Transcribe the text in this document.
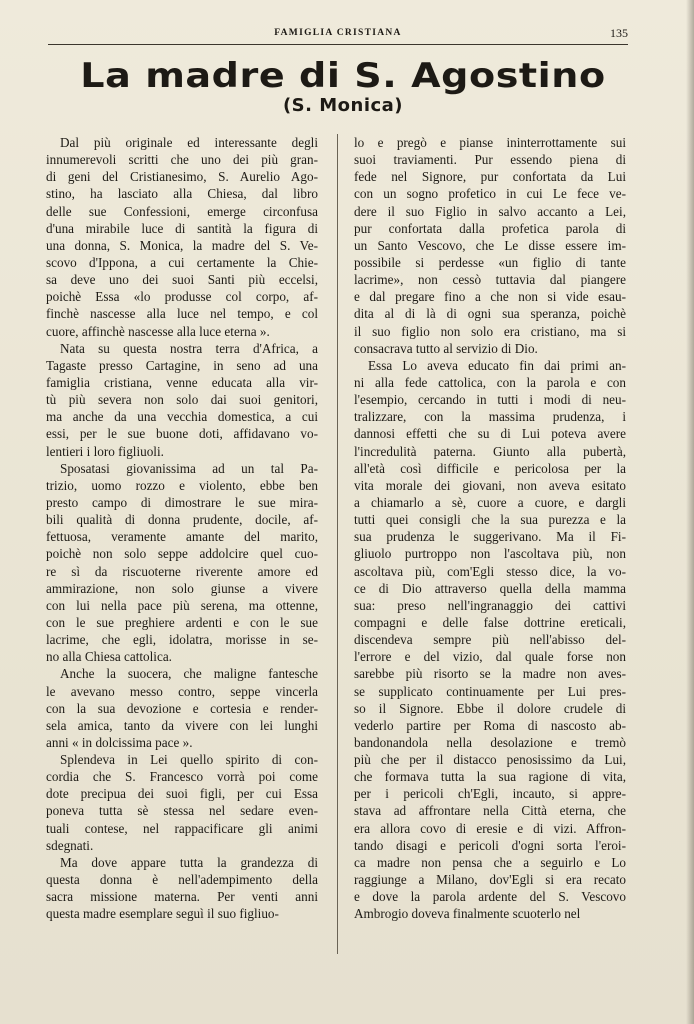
FAMIGLIA CRISTIANA	135
La madre di S. Agostino
(S. Monica)
Dal più originale ed interessante degli
innumerevoli scritti che uno dei più gran-
di geni del Cristianesimo, S. Aurelio Ago-
stino, ha lasciato alla Chiesa, dal libro
delle sue Confessioni, emerge circonfusa
d'una mirabile luce di santità la figura di
una donna, S. Monica, la madre del S. Ve-
scovo d'Ippona, a cui certamente la Chie-
sa deve uno dei suoi Santi più eccelsi,
poichè Essa «lo produsse col corpo, af-
finchè nascesse alla luce nel tempo, e col
cuore, affinchè nascesse alla luce eterna ».
Nata su questa nostra terra d'Africa, a
Tagaste presso Cartagine, in seno ad una
famiglia cristiana, venne educata alla vir-
tù più severa non solo dai suoi genitori,
ma anche da una vecchia domestica, a cui
essi, per le sue buone doti, affidavano vo-
lentieri i loro figliuoli.
Sposatasi giovanissima ad un tal Pa-
trizio, uomo rozzo e violento, ebbe ben
presto campo di dimostrare le sue mira-
bili qualità di donna prudente, docile, af-
fettuosa, veramente amante del marito,
poichè non solo seppe addolcire quel cuo-
re sì da riscuoterne riverente amore ed
ammirazione, non solo giunse a vivere
con lui nella pace più serena, ma ottenne,
con le sue preghiere ardenti e con le sue
lacrime, che egli, idolatra, morisse in se-
no alla Chiesa cattolica.
Anche la suocera, che maligne fantesche
le avevano messo contro, seppe vincerla
con la sua devozione e cortesia e render-
sela amica, tanto da vivere con lei lunghi
anni « in dolcissima pace ».
Splendeva in Lei quello spirito di con-
cordia che S. Francesco vorrà poi come
dote precipua dei suoi figli, per cui Essa
poneva tutta sè stessa nel sedare even-
tuali contese, nel rappacificare gli animi
sdegnati.
Ma dove appare tutta la grandezza di
questa donna è nell'adempimento della
sacra missione materna. Per venti anni
questa madre esemplare seguì il suo figliuo-
lo e pregò e pianse ininterrottamente sui
suoi traviamenti. Pur essendo piena di
fede nel Signore, pur confortata da Lui
con un sogno profetico in cui Le fece ve-
dere il suo Figlio in salvo accanto a Lei,
pur confortata dalla profetica parola di
un Santo Vescovo, che Le disse essere im-
possibile si perdesse «un figlio di tante
lacrime», non cessò tuttavia dal piangere
e dal pregare fino a che non si vide esau-
dita al di là di ogni sua speranza, poichè
il suo figlio non solo era cristiano, ma si
consacrava tutto al servizio di Dio.
Essa Lo aveva educato fin dai primi an-
ni alla fede cattolica, con la parola e con
l'esempio, cercando in tutti i modi di neu-
tralizzare, con la massima prudenza, i
dannosi effetti che su di Lui poteva avere
l'incredulità paterna. Giunto alla pubertà,
all'età così difficile e pericolosa per la
vita morale dei giovani, non aveva esitato
a chiamarlo a sè, cuore a cuore, e dargli
tutti quei consigli che la sua purezza e la
sua prudenza le suggerivano. Ma il Fi-
gliuolo purtroppo non l'ascoltava più, non
ascoltava più, com'Egli stesso dice, la vo-
ce di Dio attraverso quella della mamma
sua: preso nell'ingranaggio dei cattivi
compagni e delle false dottrine ereticali,
discendeva sempre più nell'abisso del-
l'errore e del vizio, dal quale forse non
sarebbe più risorto se la madre non aves-
se supplicato continuamente per Lui pres-
so il Signore. Ebbe il dolore crudele di
vederlo partire per Roma di nascosto ab-
bandonandola nella desolazione e tremò
più che per il distacco penosissimo da Lui,
che formava tutta la sua ragione di vita,
per i pericoli ch'Egli, incauto, si appre-
stava ad affrontare nella Città eterna, che
era allora covo di eresie e di vizi. Affron-
tando disagi e pericoli d'ogni sorta l'eroi-
ca madre non pensa che a seguirlo e Lo
raggiunge a Milano, dov'Egli si era recato
e dove la parola ardente del S. Vescovo
Ambrogio doveva finalmente scuoterlo nel
